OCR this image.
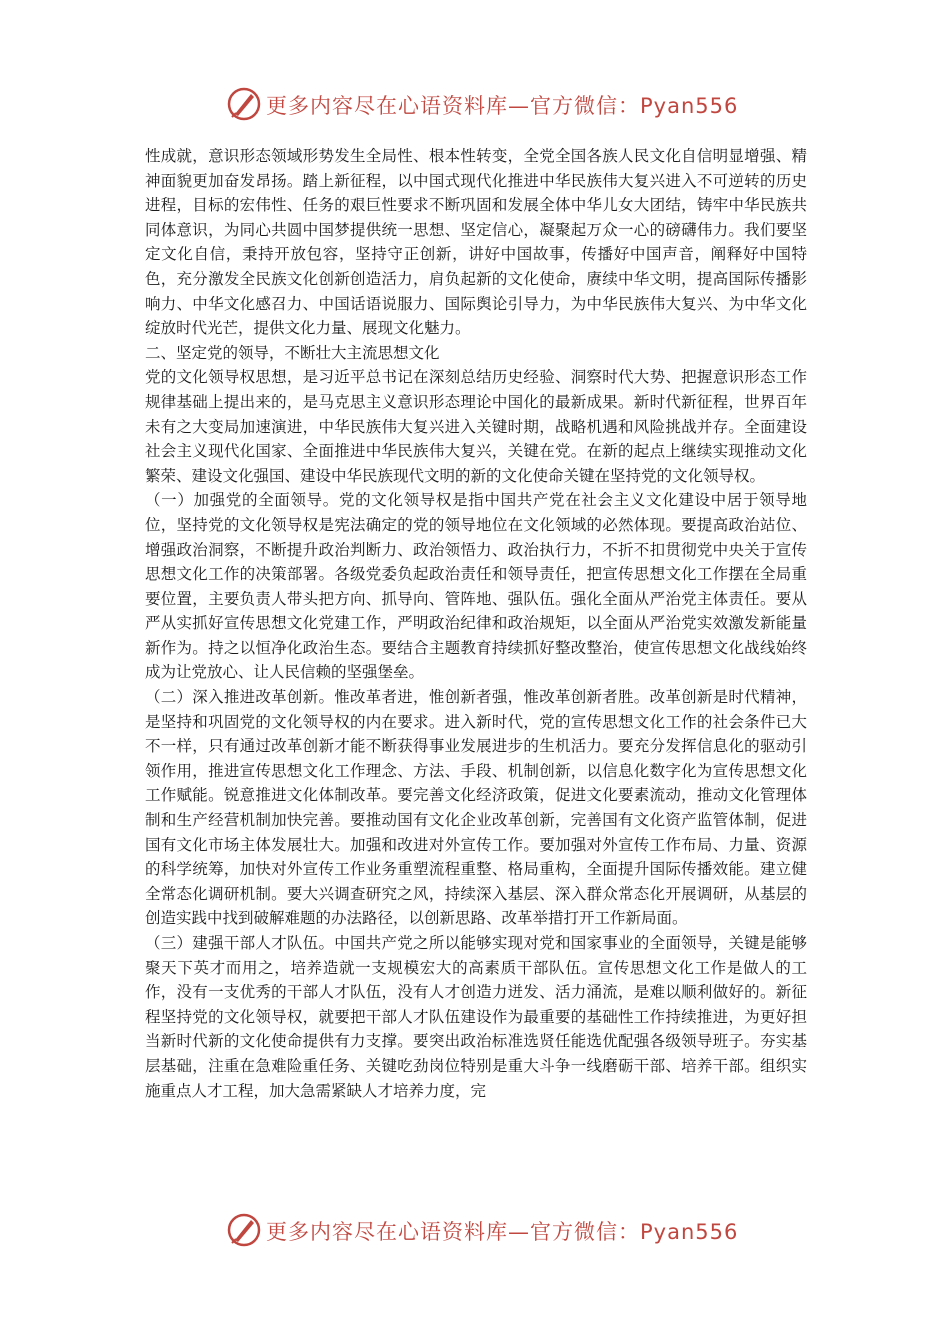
更多内容尽在心语资料库—官方微信：Pyan556

性成就，意识形态领域形势发生全局性、根本性转变，全党全国各族人民文化自信明显增强、精神面貌更加奋发昂扬。踏上新征程，以中国式现代化推进中华民族伟大复兴进入不可逆转的历史进程，目标的宏伟性、任务的艰巨性要求不断巩固和发展全体中华儿女大团结，铸牢中华民族共同体意识，为同心共圆中国梦提供统一思想、坚定信心，凝聚起万众一心的磅礴伟力。我们要坚定文化自信，秉持开放包容，坚持守正创新，讲好中国故事，传播好中国声音，阐释好中国特色，充分激发全民族文化创新创造活力，肩负起新的文化使命，赓续中华文明，提高国际传播影响力、中华文化感召力、中国话语说服力、国际舆论引导力，为中华民族伟大复兴、为中华文化绽放时代光芒，提供文化力量、展现文化魅力。

二、坚定党的领导，不断壮大主流思想文化

党的文化领导权思想，是习近平总书记在深刻总结历史经验、洞察时代大势、把握意识形态工作规律基础上提出来的，是马克思主义意识形态理论中国化的最新成果。新时代新征程，世界百年未有之大变局加速演进，中华民族伟大复兴进入关键时期，战略机遇和风险挑战并存。全面建设社会主义现代化国家、全面推进中华民族伟大复兴，关键在党。在新的起点上继续实现推动文化繁荣、建设文化强国、建设中华民族现代文明的新的文化使命关键在坚持党的文化领导权。

（一）加强党的全面领导。党的文化领导权是指中国共产党在社会主义文化建设中居于领导地位，坚持党的文化领导权是宪法确定的党的领导地位在文化领域的必然体现。要提高政治站位、增强政治洞察，不断提升政治判断力、政治领悟力、政治执行力，不折不扣贯彻党中央关于宣传思想文化工作的决策部署。各级党委负起政治责任和领导责任，把宣传思想文化工作摆在全局重要位置，主要负责人带头把方向、抓导向、管阵地、强队伍。强化全面从严治党主体责任。要从严从实抓好宣传思想文化党建工作，严明政治纪律和政治规矩，以全面从严治党实效激发新能量新作为。持之以恒净化政治生态。要结合主题教育持续抓好整改整治，使宣传思想文化战线始终成为让党放心、让人民信赖的坚强堡垒。

（二）深入推进改革创新。惟改革者进，惟创新者强，惟改革创新者胜。改革创新是时代精神，是坚持和巩固党的文化领导权的内在要求。进入新时代，党的宣传思想文化工作的社会条件已大不一样，只有通过改革创新才能不断获得事业发展进步的生机活力。要充分发挥信息化的驱动引领作用，推进宣传思想文化工作理念、方法、手段、机制创新，以信息化数字化为宣传思想文化工作赋能。锐意推进文化体制改革。要完善文化经济政策，促进文化要素流动，推动文化管理体制和生产经营机制加快完善。要推动国有文化企业改革创新，完善国有文化资产监管体制，促进国有文化市场主体发展壮大。加强和改进对外宣传工作。要加强对外宣传工作布局、力量、资源的科学统筹，加快对外宣传工作业务重塑流程重整、格局重构，全面提升国际传播效能。建立健全常态化调研机制。要大兴调查研究之风，持续深入基层、深入群众常态化开展调研，从基层的创造实践中找到破解难题的办法路径，以创新思路、改革举措打开工作新局面。

（三）建强干部人才队伍。中国共产党之所以能够实现对党和国家事业的全面领导，关键是能够聚天下英才而用之，培养造就一支规模宏大的高素质干部队伍。宣传思想文化工作是做人的工作，没有一支优秀的干部人才队伍，没有人才创造力迸发、活力涌流，是难以顺利做好的。新征程坚持党的文化领导权，就要把干部人才队伍建设作为最重要的基础性工作持续推进，为更好担当新时代新的文化使命提供有力支撑。要突出政治标准选贤任能选优配强各级领导班子。夯实基层基础，注重在急难险重任务、关键吃劲岗位特别是重大斗争一线磨砺干部、培养干部。组织实施重点人才工程，加大急需紧缺人才培养力度，完

更多内容尽在心语资料库—官方微信：Pyan556
